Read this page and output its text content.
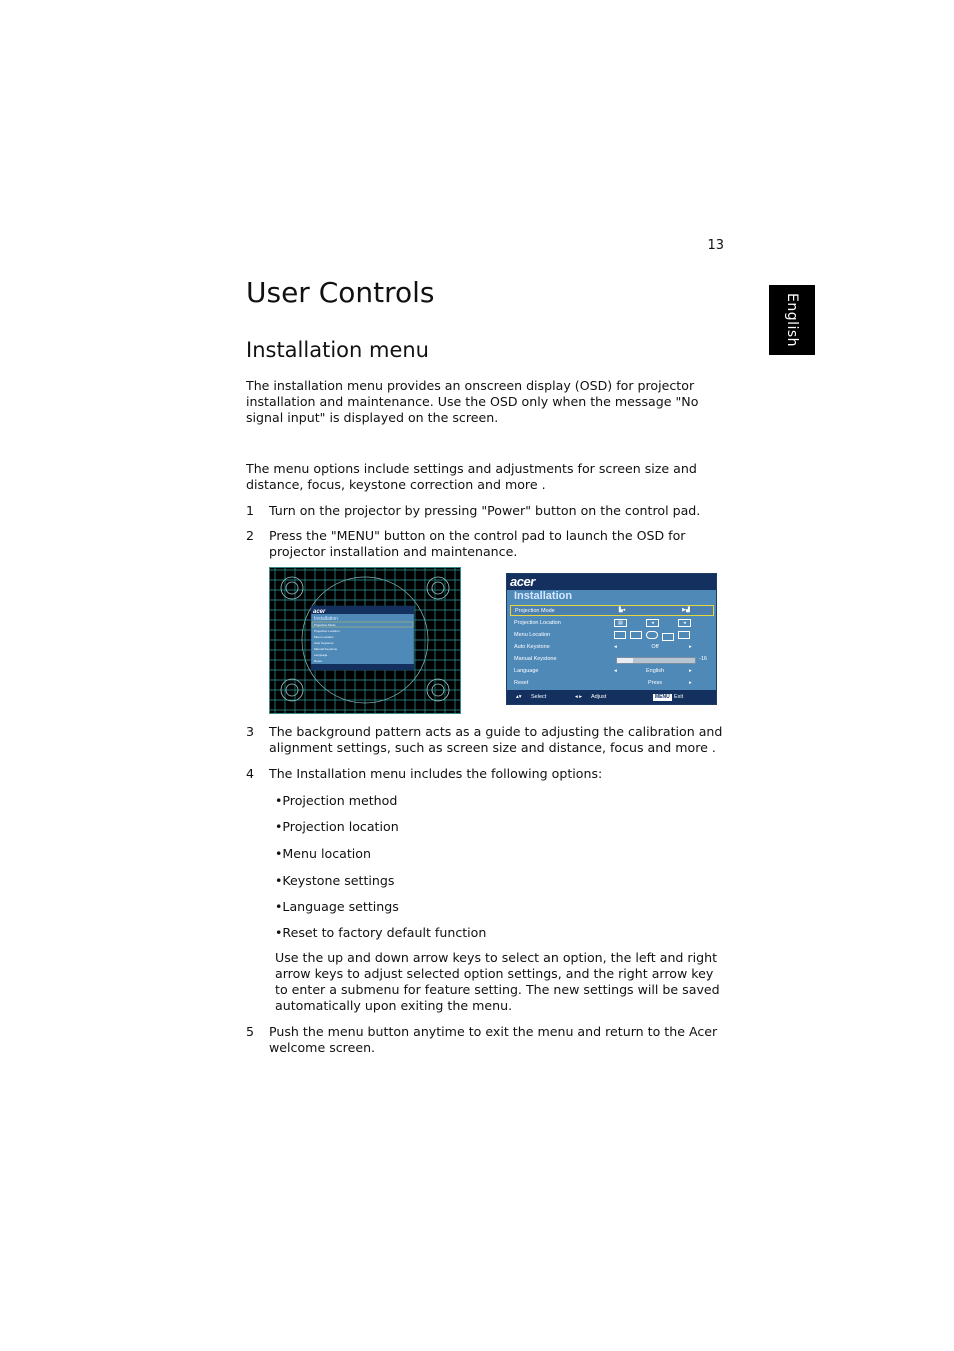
13
English
User Controls
Installation menu

The installation menu provides an onscreen display (OSD) for projector installation and maintenance. Use the OSD only when the message "No signal input" is displayed on the screen.

The menu options include settings and adjustments for screen size and distance, focus, keystone correction and more .

1 Turn on the projector by pressing "Power" button on the control pad.
2 Press the "MENU" button on the control pad to launch the OSD for projector installation and maintenance.
acer
Installation
Projection Mode
Projection Location
Menu Location
Auto Keystone
Manual Keystone
Language
Reset
acer
Installation
Projection Mode	▙◂	▶▟
Projection Location	▤	◂	◂
Menu Location
Auto Keystone	◂	Off	▸
Manual Keystone	-16
Language	◂	English	▸
Reset	Press	▸
▴▾ Select	◂ ▸ Adjust	MENU Exit
3 The background pattern acts as a guide to adjusting the calibration and alignment settings, such as screen size and distance, focus and more .
4 The Installation menu includes the following options:
•Projection method
•Projection location
•Menu location
•Keystone settings
•Language settings
•Reset to factory default function

Use the up and down arrow keys to select an option, the left and right arrow keys to adjust selected option settings, and the right arrow key to enter a submenu for feature setting. The new settings will be saved automatically upon exiting the menu.

5 Push the menu button anytime to exit the menu and return to the Acer welcome screen.
